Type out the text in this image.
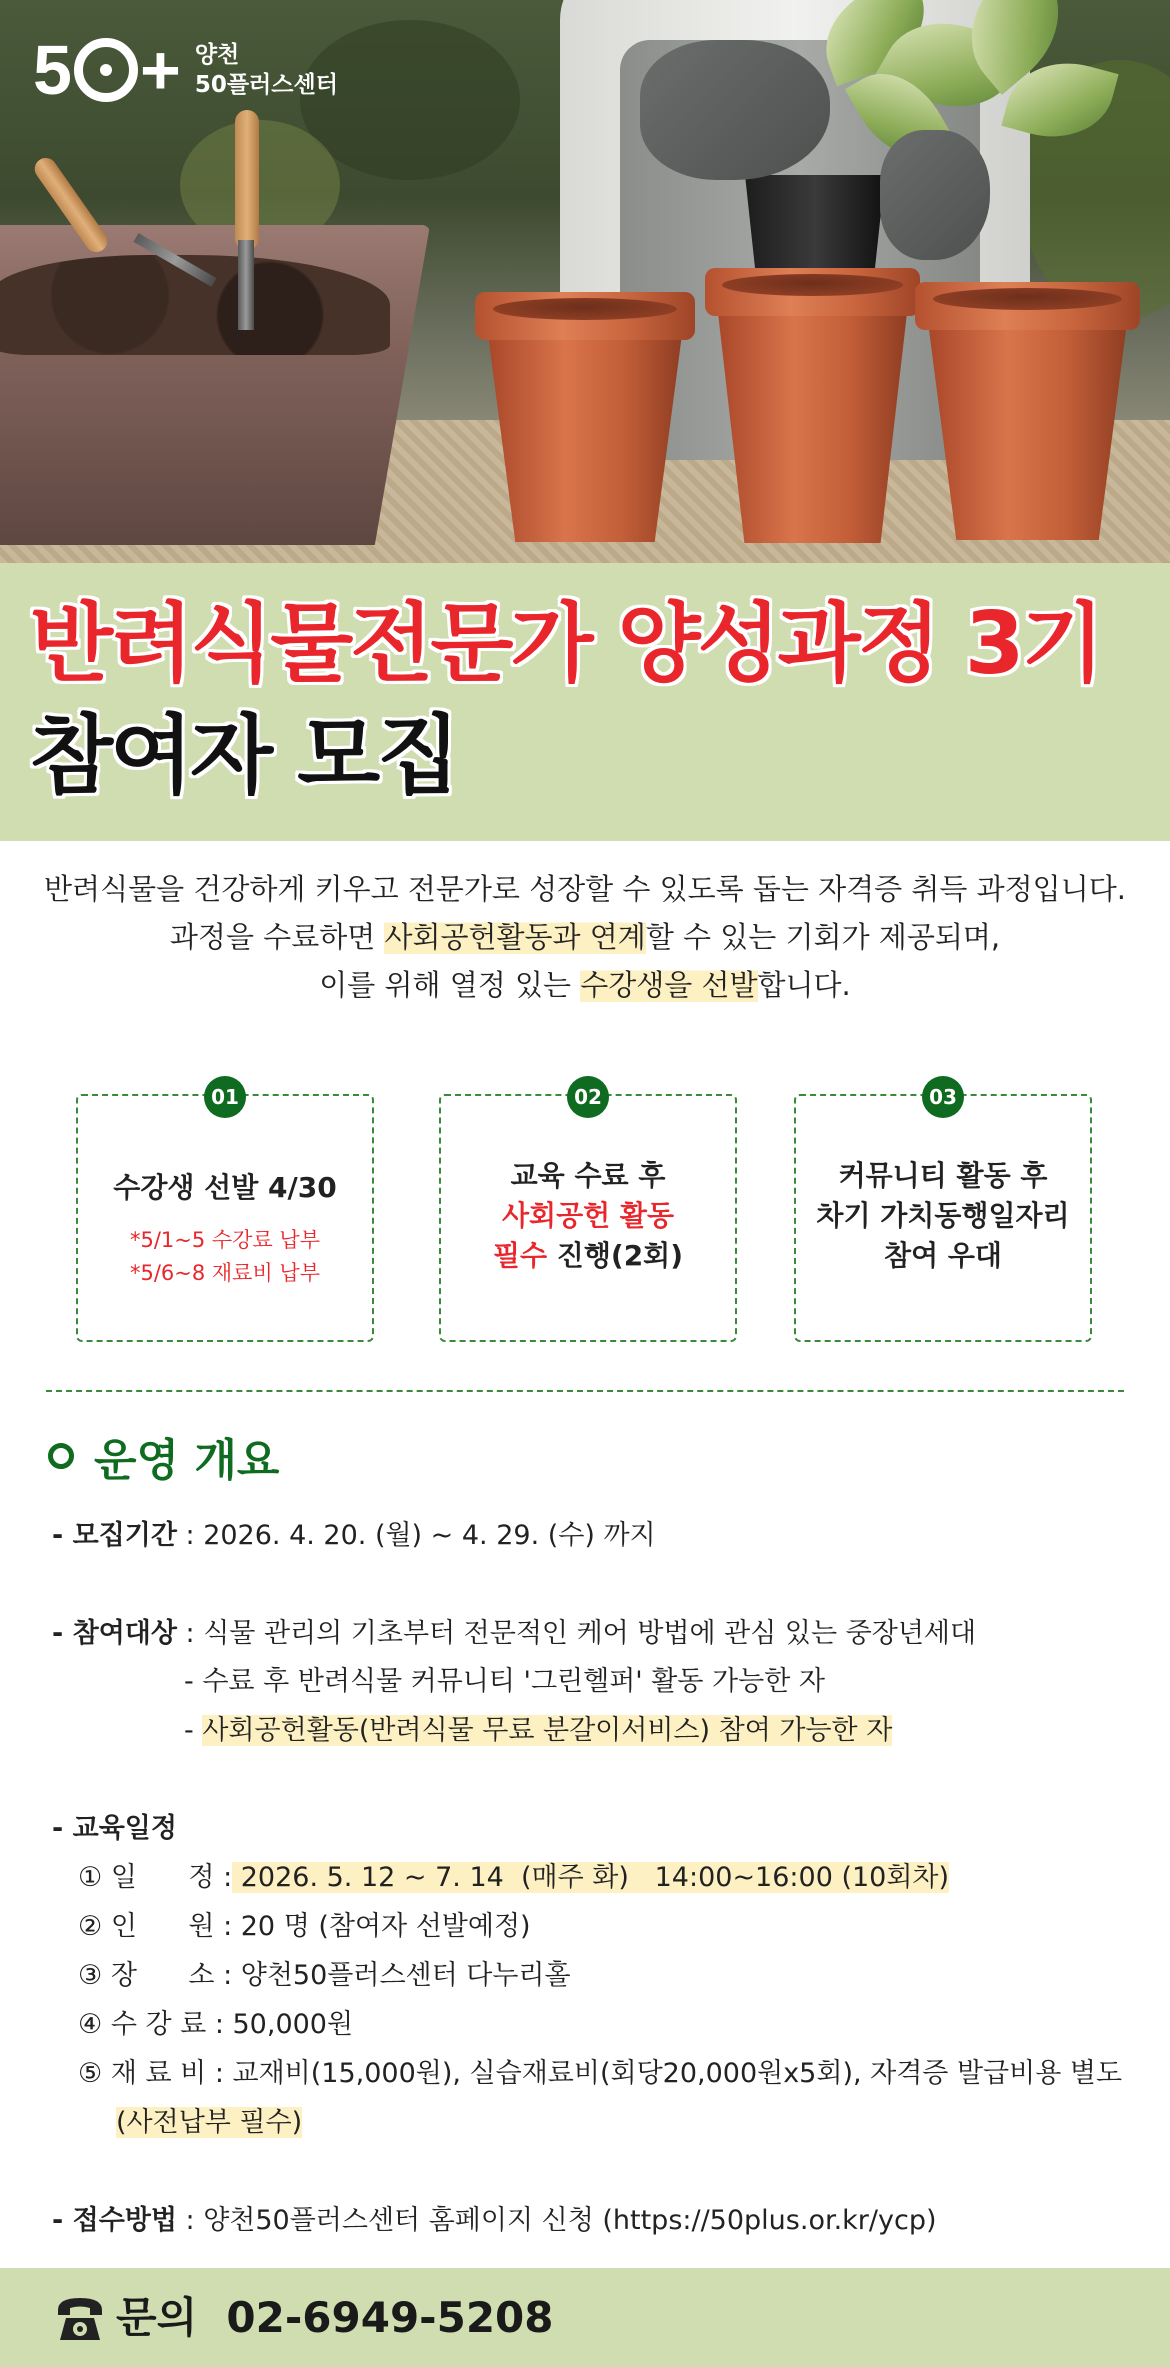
5 + 양천
50플러스센터
반려식물전문가 양성과정 3기
참여자 모집
반려식물을 건강하게 키우고 전문가로 성장할 수 있도록 돕는 자격증 취득 과정입니다.
과정을 수료하면 사회공헌활동과 연계할 수 있는 기회가 제공되며,
이를 위해 열정 있는 수강생을 선발합니다.
01
수강생 선발 4/30
*5/1~5 수강료 납부
*5/6~8 재료비 납부
02
교육 수료 후
사회공헌 활동
필수 진행(2회)
03
커뮤니티 활동 후
차기 가치동행일자리
참여 우대
운영 개요
- 모집기간 : 2026. 4. 20. (월) ~ 4. 29. (수) 까지
- 참여대상 : 식물 관리의 기초부터 전문적인 케어 방법에 관심 있는 중장년세대
- 수료 후 반려식물 커뮤니티 '그린헬퍼' 활동 가능한 자
- 사회공헌활동(반려식물 무료 분갈이서비스) 참여 가능한 자
- 교육일정
① 일      정 : 2026. 5. 12 ~ 7. 14  (매주 화)   14:00~16:00 (10회차)
② 인      원 : 20 명 (참여자 선발예정)
③ 장      소 : 양천50플러스센터 다누리홀
④ 수 강 료 : 50,000원
⑤ 재 료 비 : 교재비(15,000원), 실습재료비(회당20,000원x5회), 자격증 발급비용 별도
(사전납부 필수)
- 접수방법 : 양천50플러스센터 홈페이지 신청 (https://50plus.or.kr/ycp)
문의 02-6949-5208
